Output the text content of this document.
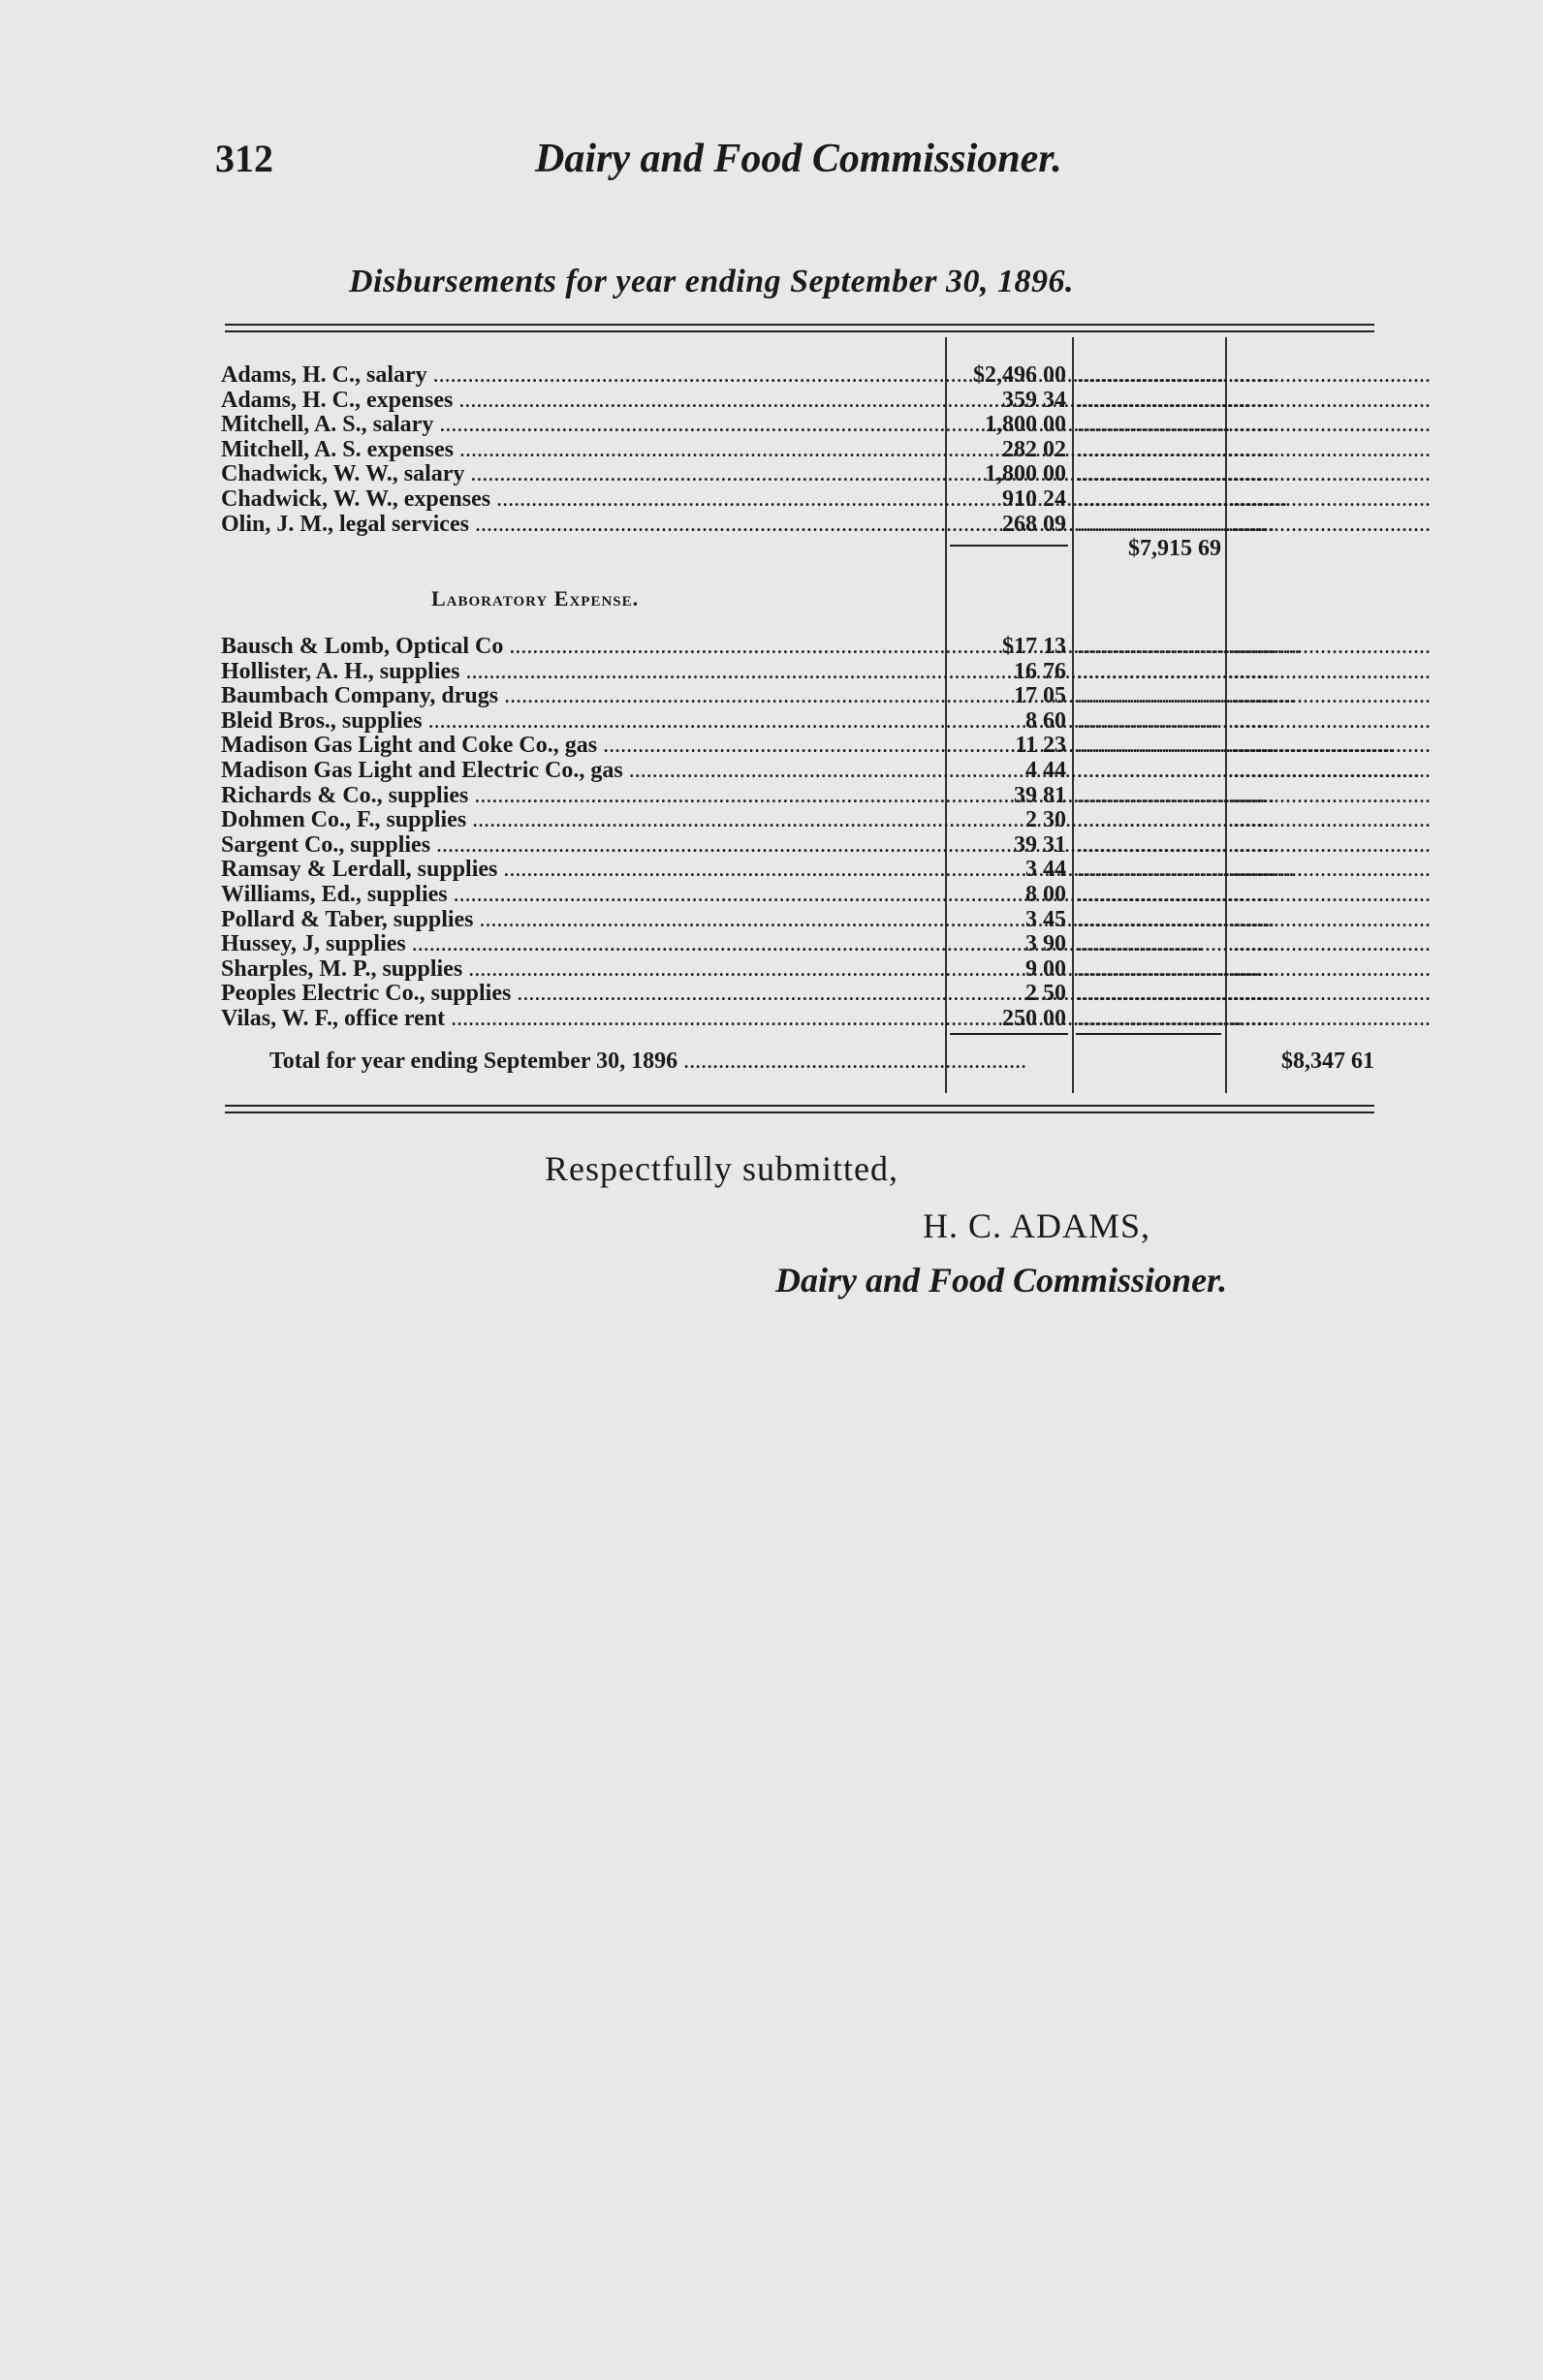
312	Dairy and Food Commissioner.
Disbursements for year ending September 30, 1896.
Adams, H. C., salary .....	$2,496 00 ..................................
..................................
Adams, H. C., expenses .....	359 34 ..................................
..................................
Mitchell, A. S., salary .....	1,800 00 ..................................
..................................
Mitchell, A. S. expenses .....	282 02 ..................................
..................................
Chadwick, W. W., salary .....	1,800 00 ..................................
..................................
Chadwick, W. W., expenses .....	910 24 ..................................
..................................
Olin, J. M., legal services .....	268 09 ..................................
..................................
$7,915 69
Laboratory Expense.
Bausch & Lomb, Optical Co .....	$17 13 ..................................
..................................
Hollister, A. H., supplies .....	16 76 ..................................
..................................
Baumbach Company, drugs .....	17 05 ..................................
..................................
Bleid Bros., supplies .....	8 60 ..................................
..................................
Madison Gas Light and Coke Co., gas .....	11 23 ..................................
..................................
Madison Gas Light and Electric Co., gas .....	4 44 ..................................
..................................
Richards & Co., supplies .....	39 81 ..................................
..................................
Dohmen Co., F., supplies .....	2 30 ..................................
..................................
Sargent Co., supplies .....	39 31 ..................................
..................................
Ramsay & Lerdall, supplies .....	3 44 ..................................
..................................
Williams, Ed., supplies .....	8 00 ..................................
..................................
Pollard & Taber, supplies .....	3 45 ..................................
..................................
Hussey, J, supplies .....	3 90 ..................................
..................................
Sharples, M. P., supplies .....	9 00 ..................................
..................................
Peoples Electric Co., supplies .....	2 50 ..................................
..................................
Vilas, W. F., office rent .....	250 00 ..................................
..................................
Total for year ending September 30, 1896 .....	$8,347 61
Respectfully submitted,
H. C. ADAMS,
Dairy and Food Commissioner.
